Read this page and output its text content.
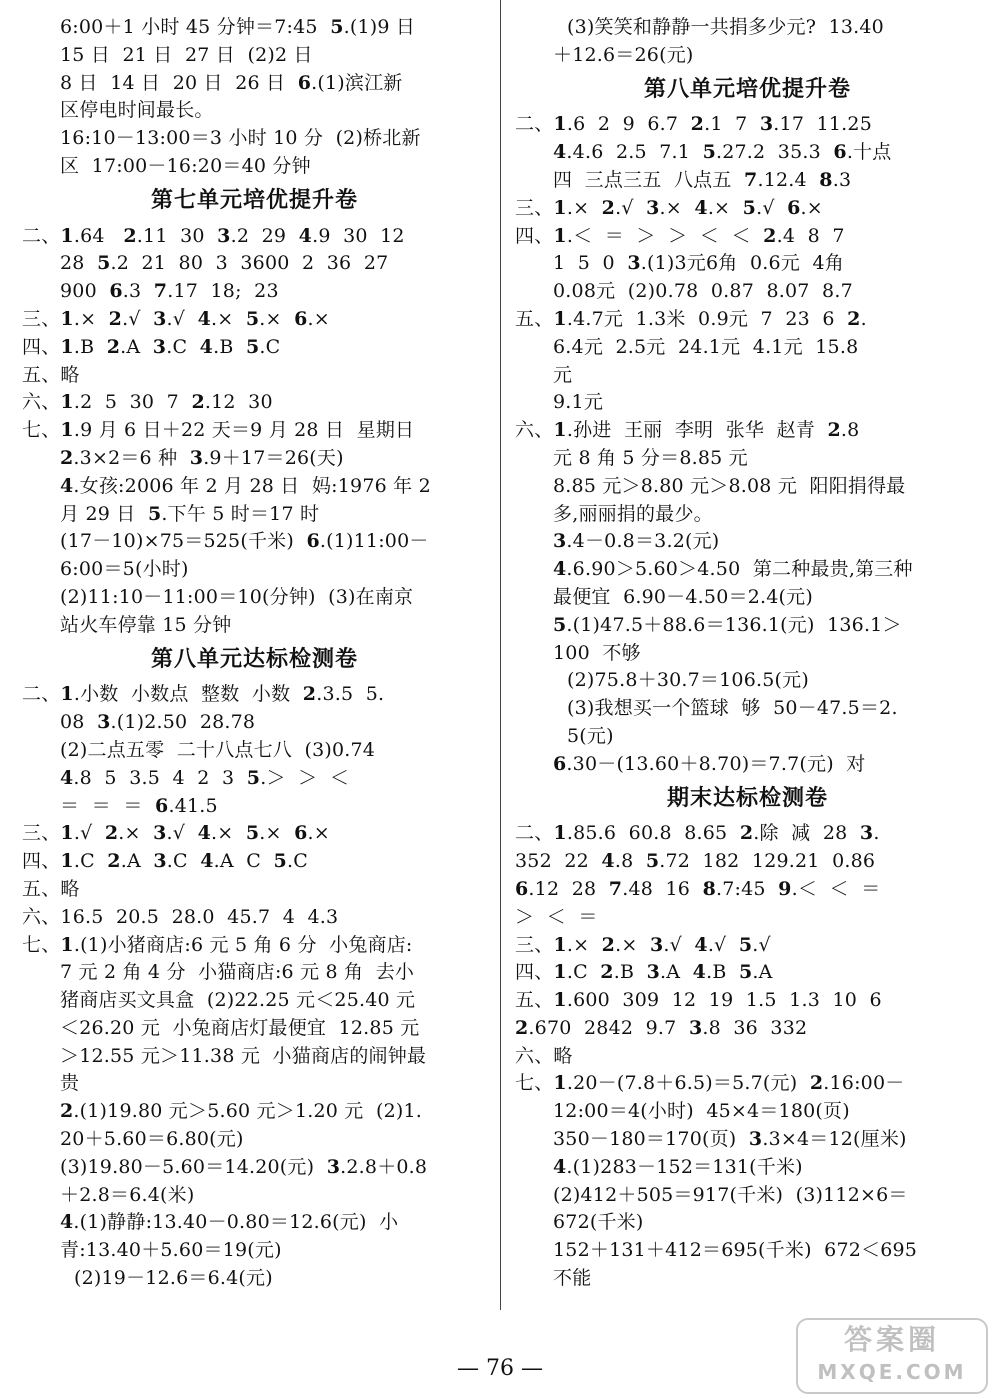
6:00＋1 小时 45 分钟＝7:45  5.(1)9 日
15 日  21 日  27 日  (2)2 日
8 日  14 日  20 日  26 日  6.(1)滨江新
区停电时间最长。
16:10－13:00＝3 小时 10 分  (2)桥北新
区  17:00－16:20＝40 分钟
第七单元培优提升卷
二、1.64   2.11  30  3.2  29  4.9  30  12
28  5.2  21  80  3  3600  2  36  27
900  6.3  7.17  18;  23
三、1.×  2.√  3.√  4.×  5.×  6.×
四、1.B  2.A  3.C  4.B  5.C
五、略
六、1.2  5  30  7  2.12  30
七、1.9 月 6 日＋22 天＝9 月 28 日  星期日
2.3×2＝6 种  3.9＋17＝26(天)
4.女孩:2006 年 2 月 28 日  妈:1976 年 2
月 29 日  5.下午 5 时＝17 时
(17－10)×75＝525(千米)  6.(1)11:00－
6:00＝5(小时)
(2)11:10－11:00＝10(分钟)  (3)在南京
站火车停靠 15 分钟
第八单元达标检测卷
二、1.小数  小数点  整数  小数  2.3.5  5.
08  3.(1)2.50  28.78
(2)二点五零  二十八点七八  (3)0.74
4.8  5  3.5  4  2  3  5.＞  ＞  ＜
＝  ＝  ＝  6.41.5
三、1.√  2.×  3.√  4.×  5.×  6.×
四、1.C  2.A  3.C  4.A  C  5.C
五、略
六、16.5  20.5  28.0  45.7  4  4.3
七、1.(1)小猪商店:6 元 5 角 6 分  小兔商店:
7 元 2 角 4 分  小猫商店:6 元 8 角  去小
猪商店买文具盒  (2)22.25 元＜25.40 元
＜26.20 元  小兔商店灯最便宜  12.85 元
＞12.55 元＞11.38 元  小猫商店的闹钟最
贵
2.(1)19.80 元＞5.60 元＞1.20 元  (2)1.
20＋5.60＝6.80(元)
(3)19.80－5.60＝14.20(元)  3.2.8＋0.8
＋2.8＝6.4(米)
4.(1)静静:13.40－0.80＝12.6(元)  小
青:13.40＋5.60＝19(元)
(2)19－12.6＝6.4(元)
(3)笑笑和静静一共捐多少元?  13.40
＋12.6＝26(元)
第八单元培优提升卷
二、1.6  2  9  6.7  2.1  7  3.17  11.25
4.4.6  2.5  7.1  5.27.2  35.3  6.十点
四  三点三五  八点五  7.12.4  8.3
三、1.×  2.√  3.×  4.×  5.√  6.×
四、1.＜  ＝  ＞  ＞  ＜  ＜  2.4  8  7
1  5  0  3.(1)3元6角  0.6元  4角
0.08元  (2)0.78  0.87  8.07  8.7
五、1.4.7元  1.3米  0.9元  7  23  6  2.
6.4元  2.5元  24.1元  4.1元  15.8
元
9.1元
六、1.孙进  王丽  李明  张华  赵青  2.8
元 8 角 5 分＝8.85 元
8.85 元＞8.80 元＞8.08 元  阳阳捐得最
多,丽丽捐的最少。
3.4－0.8＝3.2(元)
4.6.90＞5.60＞4.50  第二种最贵,第三种
最便宜  6.90－4.50＝2.4(元)
5.(1)47.5＋88.6＝136.1(元)  136.1＞
100  不够
(2)75.8＋30.7＝106.5(元)
(3)我想买一个篮球  够  50－47.5＝2.
5(元)
6.30－(13.60＋8.70)＝7.7(元)  对
期末达标检测卷
二、1.85.6  60.8  8.65  2.除  减  28  3.
352  22  4.8  5.72  182  129.21  0.86
6.12  28  7.48  16  8.7:45  9.＜  ＜  ＝
＞  ＜  ＝
三、1.×  2.×  3.√  4.√  5.√
四、1.C  2.B  3.A  4.B  5.A
五、1.600  309  12  19  1.5  1.3  10  6
2.670  2842  9.7  3.8  36  332
六、略
七、1.20－(7.8＋6.5)＝5.7(元)  2.16:00－
12:00＝4(小时)  45×4＝180(页)
350－180＝170(页)  3.3×4＝12(厘米)
4.(1)283－152＝131(千米)
(2)412＋505＝917(千米)  (3)112×6＝
672(千米)
152＋131＋412＝695(千米)  672＜695
不能
— 76 —
答案圈
MXQE.COM
